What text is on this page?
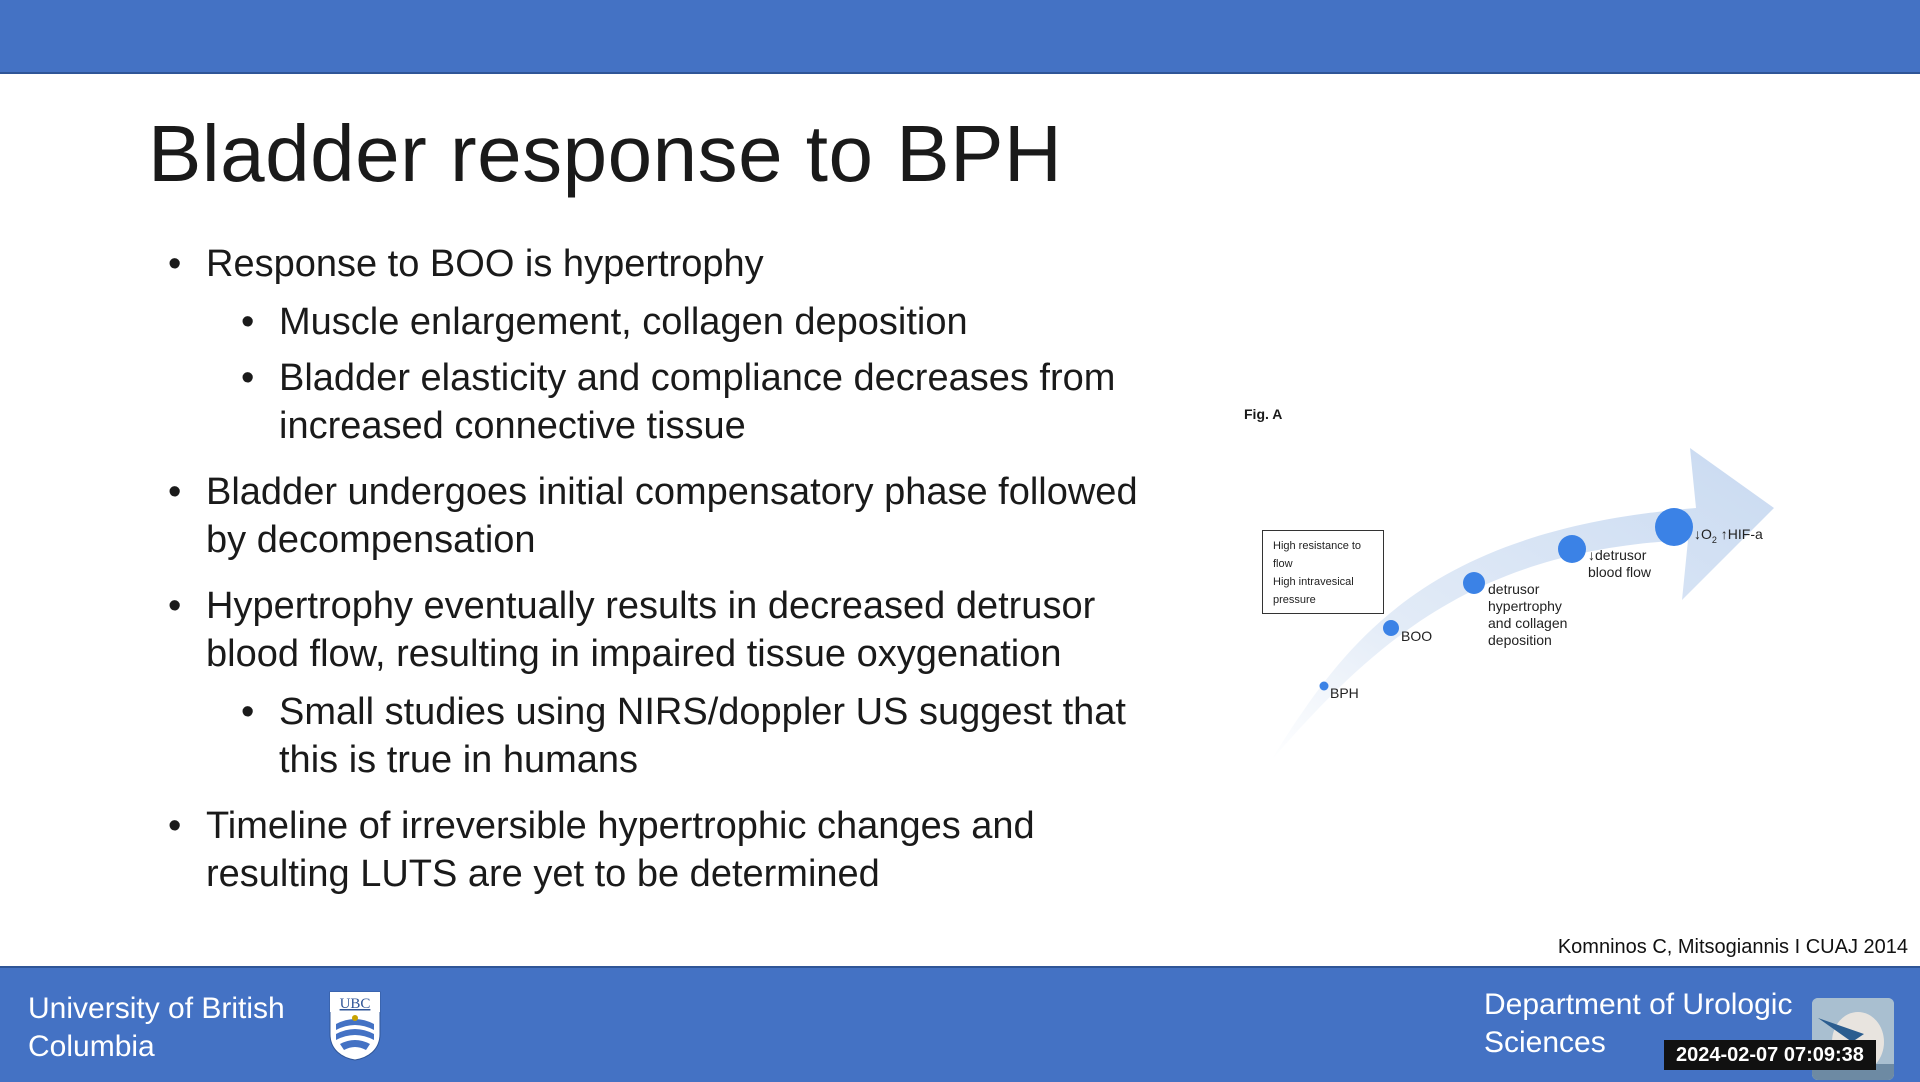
Bladder response to BPH
• Response to BOO is hypertrophy
• Muscle enlargement, collagen deposition
• Bladder elasticity and compliance decreases from increased connective tissue
• Bladder undergoes initial compensatory phase followed by decompensation
• Hypertrophy eventually results in decreased detrusor blood flow, resulting in impaired tissue oxygenation
• Small studies using NIRS/doppler US suggest that this is true in humans
• Timeline of irreversible hypertrophic changes and resulting LUTS are yet to be determined
Fig. A
High resistance to flow
High intravesical pressure
BPH
BOO
detrusor hypertrophy and collagen deposition
↓detrusor blood flow
$↓O_2$ ↑HIF-a
Komninos C, Mitsogiannis I CUAJ 2014
University of British Columbia
UBC	Department of Urologic Sciences	2024-02-07 07:09:38
